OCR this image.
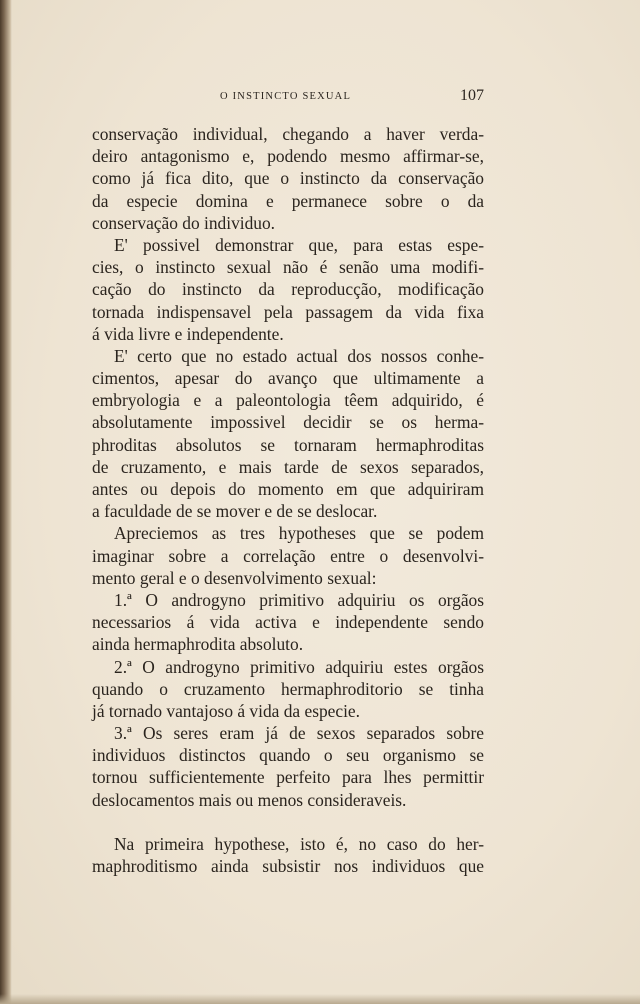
O INSTINCTO SEXUAL	107
conservação individual, chegando a haver verda-
deiro antagonismo e, podendo mesmo affirmar-se,
como já fica dito, que o instincto da conservação
da especie domina e permanece sobre o da
conservação do individuo.
E' possivel demonstrar que, para estas espe-
cies, o instincto sexual não é senão uma modifi-
cação do instincto da reproducção, modificação
tornada indispensavel pela passagem da vida fixa
á vida livre e independente.
E' certo que no estado actual dos nossos conhe-
cimentos, apesar do avanço que ultimamente a
embryologia e a paleontologia têem adquirido, é
absolutamente impossivel decidir se os herma-
phroditas absolutos se tornaram hermaphroditas
de cruzamento, e mais tarde de sexos separados,
antes ou depois do momento em que adquiriram
a faculdade de se mover e de se deslocar.
Apreciemos as tres hypotheses que se podem
imaginar sobre a correlação entre o desenvolvi-
mento geral e o desenvolvimento sexual:
1.ª O androgyno primitivo adquiriu os orgãos
necessarios á vida activa e independente sendo
ainda hermaphrodita absoluto.
2.ª O androgyno primitivo adquiriu estes orgãos
quando o cruzamento hermaphroditorio se tinha
já tornado vantajoso á vida da especie.
3.ª Os seres eram já de sexos separados sobre
individuos distinctos quando o seu organismo se
tornou sufficientemente perfeito para lhes permittir
deslocamentos mais ou menos consideraveis.
Na primeira hypothese, isto é, no caso do her-
maphroditismo ainda subsistir nos individuos que
